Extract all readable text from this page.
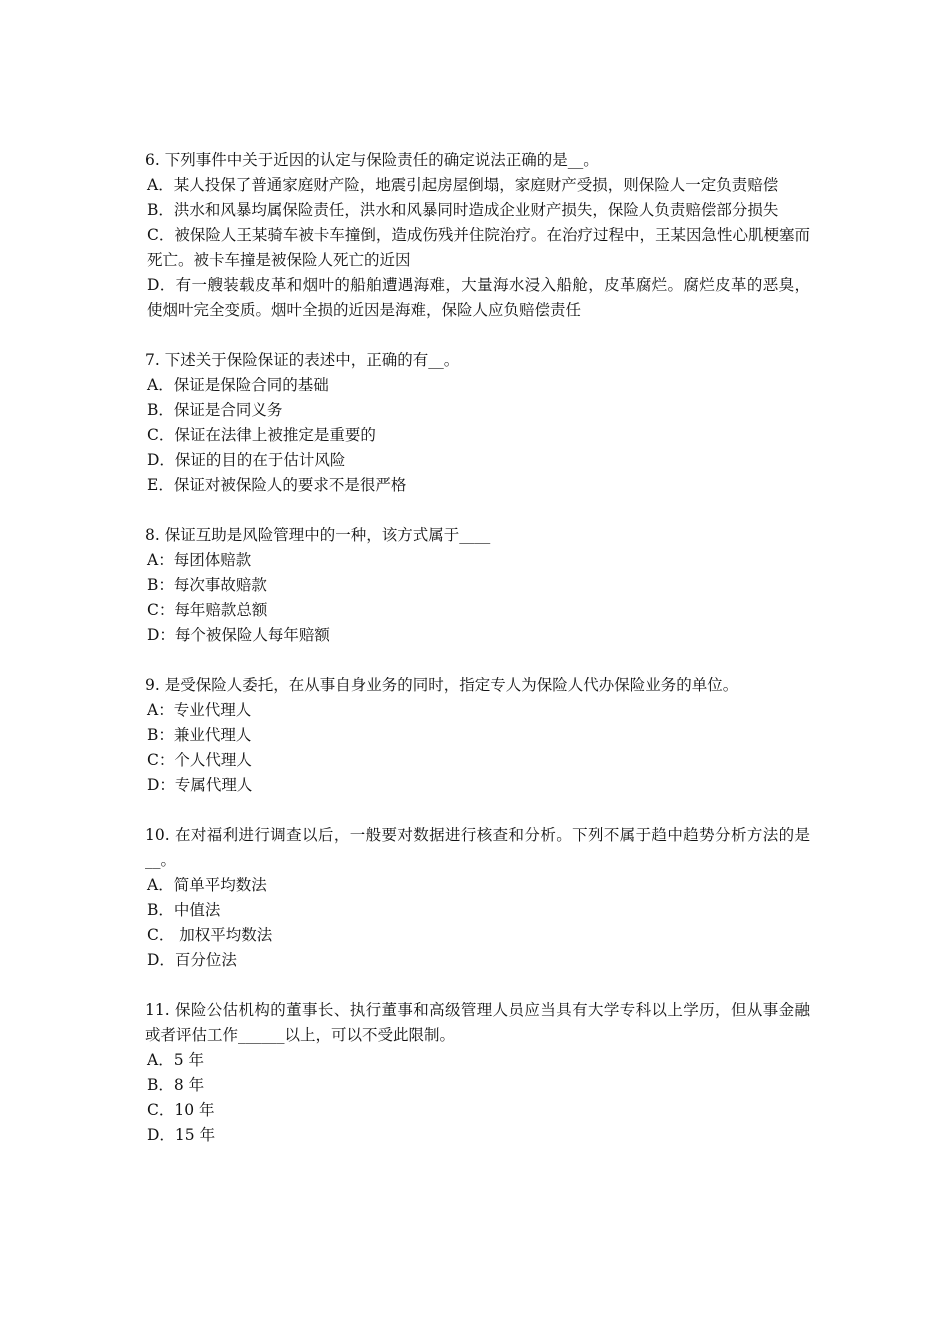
6. 下列事件中关于近因的认定与保险责任的确定说法正确的是__。

A．某人投保了普通家庭财产险，地震引起房屋倒塌，家庭财产受损，则保险人一定负责赔偿

B．洪水和风暴均属保险责任，洪水和风暴同时造成企业财产损失，保险人负责赔偿部分损失

C．被保险人王某骑车被卡车撞倒，造成伤残并住院治疗。在治疗过程中，王某因急性心肌梗塞而死亡。被卡车撞是被保险人死亡的近因

D．有一艘装载皮革和烟叶的船舶遭遇海难，大量海水浸入船舱，皮革腐烂。腐烂皮革的恶臭，使烟叶完全变质。烟叶全损的近因是海难，保险人应负赔偿责任

7. 下述关于保险保证的表述中，正确的有__。

A．保证是保险合同的基础

B．保证是合同义务

C．保证在法律上被推定是重要的

D．保证的目的在于估计风险

E．保证对被保险人的要求不是很严格

8. 保证互助是风险管理中的一种，该方式属于____

A：每团体赔款

B：每次事故赔款

C：每年赔款总额

D：每个被保险人每年赔额

9. 是受保险人委托，在从事自身业务的同时，指定专人为保险人代办保险业务的单位。

A：专业代理人

B：兼业代理人

C：个人代理人

D：专属代理人

10. 在对福利进行调查以后，一般要对数据进行核查和分析。下列不属于趋中趋势分析方法的是__。

A．简单平均数法

B．中值法

C． 加权平均数法

D．百分位法

11. 保险公估机构的董事长、执行董事和高级管理人员应当具有大学专科以上学历，但从事金融或者评估工作______以上，可以不受此限制。

A．5 年

B．8 年

C．10 年

D．15 年
